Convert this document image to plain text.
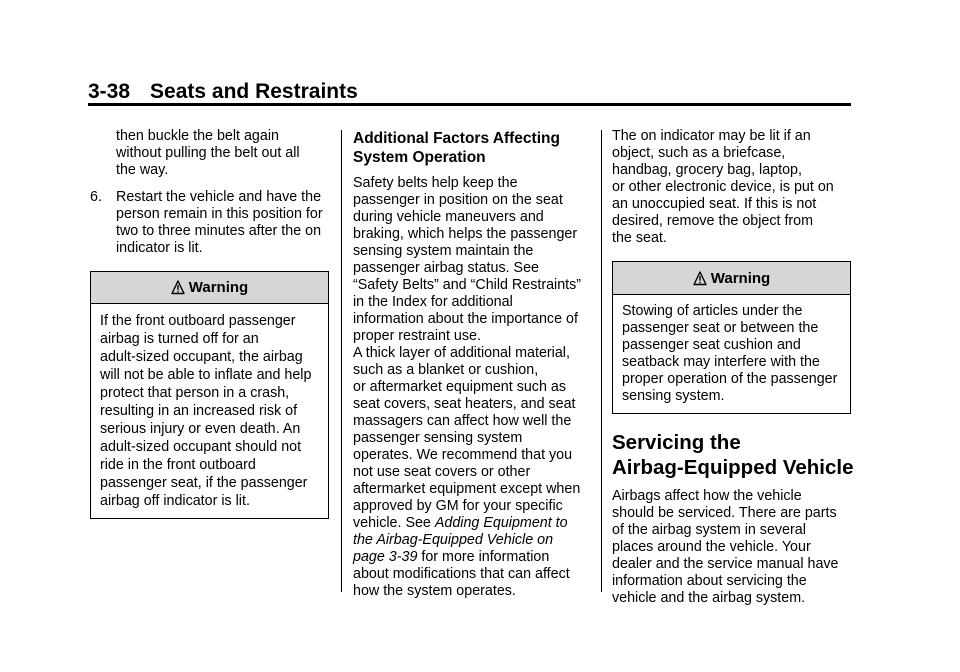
3-38 Seats and Restraints

then buckle the belt again
without pulling the belt out all
the way.

6. Restart the vehicle and have the
person remain in this position for
two to three minutes after the on
indicator is lit.
Warning
If the front outboard passenger
airbag is turned off for an
adult-sized occupant, the airbag
will not be able to inflate and help
protect that person in a crash,
resulting in an increased risk of
serious injury or even death. An
adult-sized occupant should not
ride in the front outboard
passenger seat, if the passenger
airbag off indicator is lit.
Additional Factors Affecting
System Operation

Safety belts help keep the
passenger in position on the seat
during vehicle maneuvers and
braking, which helps the passenger
sensing system maintain the
passenger airbag status. See
“Safety Belts” and “Child Restraints”
in the Index for additional
information about the importance of
proper restraint use.

A thick layer of additional material,
such as a blanket or cushion,
or aftermarket equipment such as
seat covers, seat heaters, and seat
massagers can affect how well the
passenger sensing system
operates. We recommend that you
not use seat covers or other
aftermarket equipment except when
approved by GM for your specific
vehicle. See Adding Equipment to
the Airbag-Equipped Vehicle on
page 3-39 for more information
about modifications that can affect
how the system operates.

The on indicator may be lit if an
object, such as a briefcase,
handbag, grocery bag, laptop,
or other electronic device, is put on
an unoccupied seat. If this is not
desired, remove the object from
the seat.

Warning
Stowing of articles under the
passenger seat or between the
passenger seat cushion and
seatback may interfere with the
proper operation of the passenger
sensing system.
Servicing the
Airbag-Equipped Vehicle

Airbags affect how the vehicle
should be serviced. There are parts
of the airbag system in several
places around the vehicle. Your
dealer and the service manual have
information about servicing the
vehicle and the airbag system.
